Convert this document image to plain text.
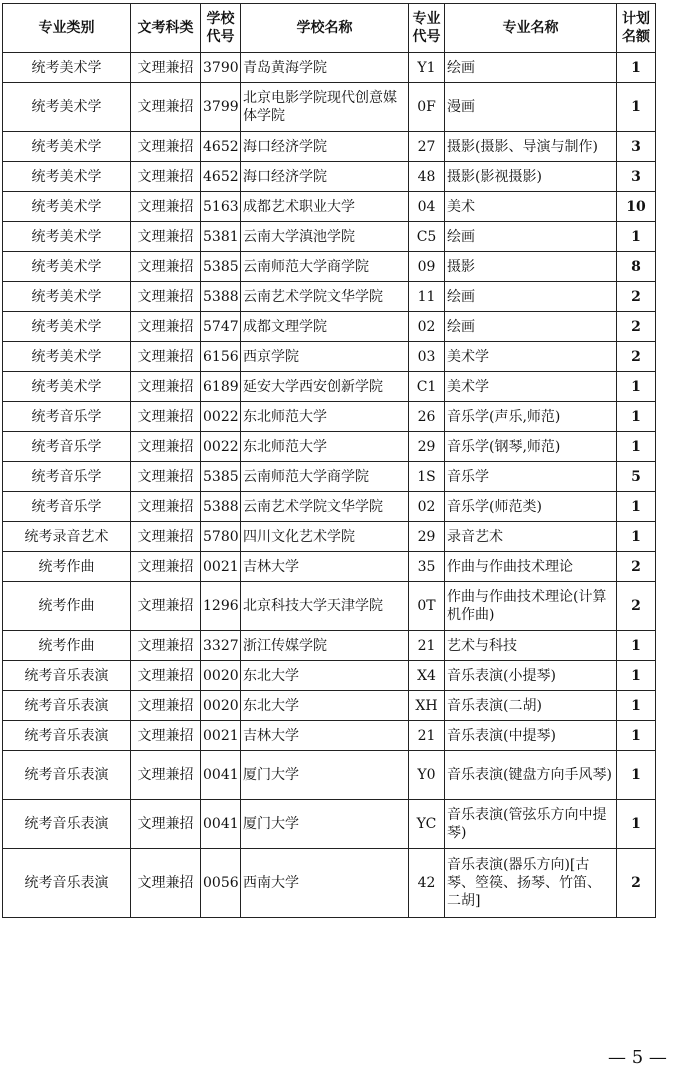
专业类别	文考科类	学校代号	学校名称	专业代号	专业名称	计划名额
统考美术学	文理兼招	3790	青岛黄海学院	Y1	绘画	1
统考美术学	文理兼招	3799	北京电影学院现代创意媒体学院	0F	漫画	1
统考美术学	文理兼招	4652	海口经济学院	27	摄影(摄影、导演与制作)	3
统考美术学	文理兼招	4652	海口经济学院	48	摄影(影视摄影)	3
统考美术学	文理兼招	5163	成都艺术职业大学	04	美术	10
统考美术学	文理兼招	5381	云南大学滇池学院	C5	绘画	1
统考美术学	文理兼招	5385	云南师范大学商学院	09	摄影	8
统考美术学	文理兼招	5388	云南艺术学院文华学院	11	绘画	2
统考美术学	文理兼招	5747	成都文理学院	02	绘画	2
统考美术学	文理兼招	6156	西京学院	03	美术学	2
统考美术学	文理兼招	6189	延安大学西安创新学院	C1	美术学	1
统考音乐学	文理兼招	0022	东北师范大学	26	音乐学(声乐,师范)	1
统考音乐学	文理兼招	0022	东北师范大学	29	音乐学(钢琴,师范)	1
统考音乐学	文理兼招	5385	云南师范大学商学院	1S	音乐学	5
统考音乐学	文理兼招	5388	云南艺术学院文华学院	02	音乐学(师范类)	1
统考录音艺术	文理兼招	5780	四川文化艺术学院	29	录音艺术	1
统考作曲	文理兼招	0021	吉林大学	35	作曲与作曲技术理论	2
统考作曲	文理兼招	1296	北京科技大学天津学院	0T	作曲与作曲技术理论(计算机作曲)	2
统考作曲	文理兼招	3327	浙江传媒学院	21	艺术与科技	1
统考音乐表演	文理兼招	0020	东北大学	X4	音乐表演(小提琴)	1
统考音乐表演	文理兼招	0020	东北大学	XH	音乐表演(二胡)	1
统考音乐表演	文理兼招	0021	吉林大学	21	音乐表演(中提琴)	1
统考音乐表演	文理兼招	0041	厦门大学	Y0	音乐表演(键盘方向手风琴)	1
统考音乐表演	文理兼招	0041	厦门大学	YC	音乐表演(管弦乐方向中提琴)	1
统考音乐表演	文理兼招	0056	西南大学	42	音乐表演(器乐方向)[古琴、箜篌、扬琴、竹笛、二胡]	2
— 5 —
